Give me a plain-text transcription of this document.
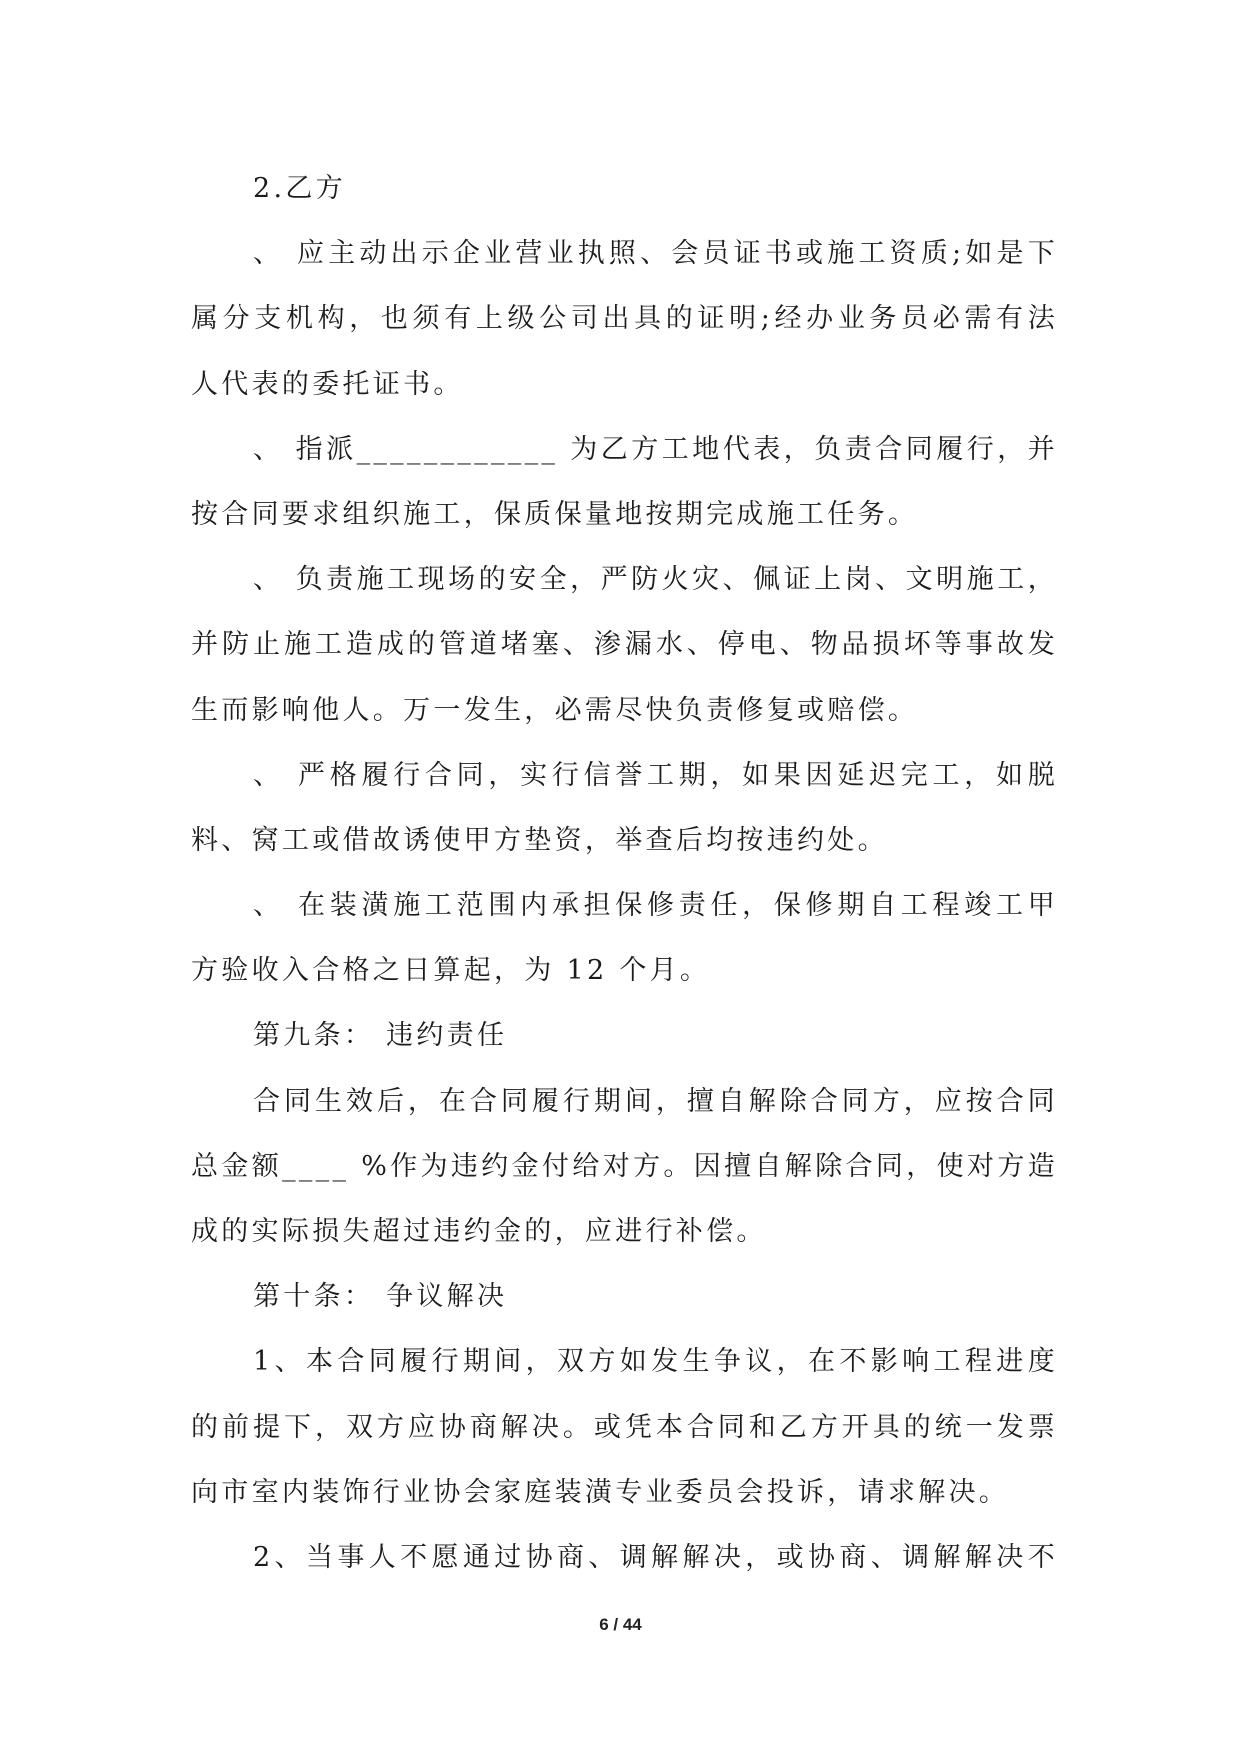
2.乙方
、 应主动出示企业营业执照、会员证书或施工资质;如是下
属分支机构，也须有上级公司出具的证明;经办业务员必需有法
人代表的委托证书。
、 指派____________ 为乙方工地代表，负责合同履行，并
按合同要求组织施工，保质保量地按期完成施工任务。
、 负责施工现场的安全，严防火灾、佩证上岗、文明施工，
并防止施工造成的管道堵塞、渗漏水、停电、物品损坏等事故发
生而影响他人。万一发生，必需尽快负责修复或赔偿。
、 严格履行合同，实行信誉工期，如果因延迟完工，如脱
料、窝工或借故诱使甲方垫资，举查后均按违约处。
、 在装潢施工范围内承担保修责任，保修期自工程竣工甲
方验收入合格之日算起，为 12 个月。
第九条： 违约责任
合同生效后，在合同履行期间，擅自解除合同方，应按合同
总金额____ %作为违约金付给对方。因擅自解除合同，使对方造
成的实际损失超过违约金的，应进行补偿。
第十条： 争议解决
1、本合同履行期间，双方如发生争议，在不影响工程进度
的前提下，双方应协商解决。或凭本合同和乙方开具的统一发票
向市室内装饰行业协会家庭装潢专业委员会投诉，请求解决。
2、当事人不愿通过协商、调解解决，或协商、调解解决不
6 / 44
